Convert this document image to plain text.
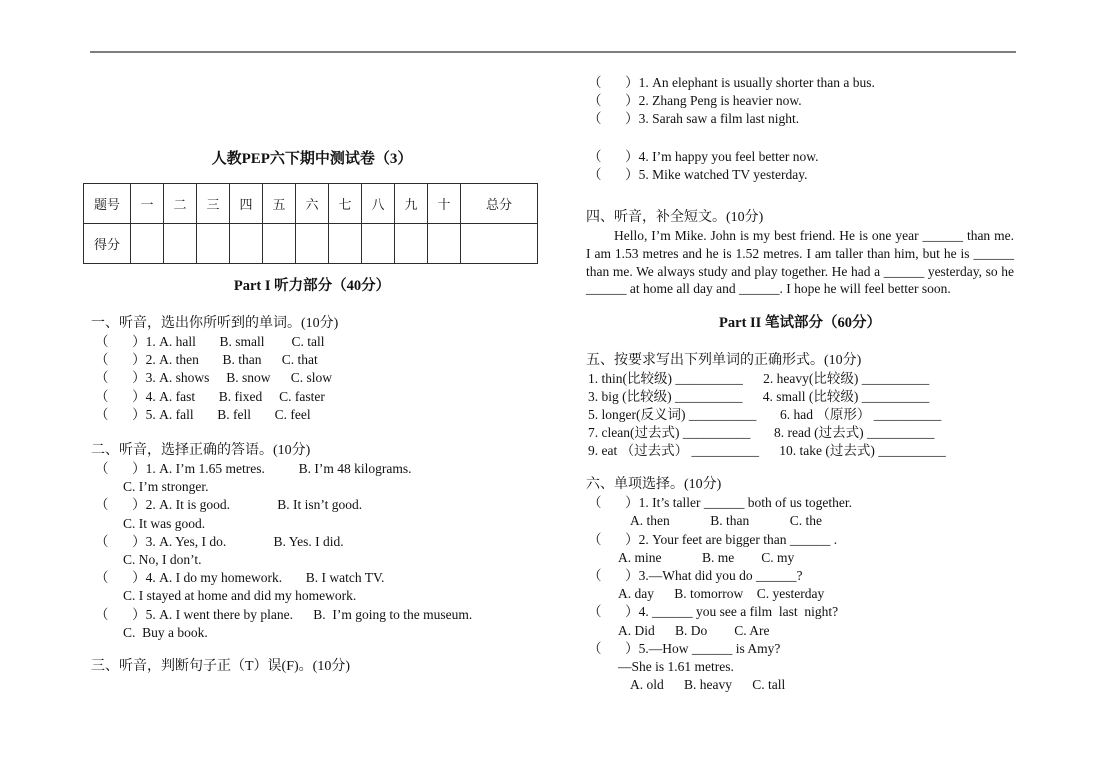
人教PEP六下期中测试卷（3）
题号	一	二	三	四	五	六	七	八	九	十	总分
得分											
Part I 听力部分（40分）
一、听音，选出你所听到的单词。(10分)
（       ）1. A. hall       B. small        C. tall
（       ）2. A. then       B. than      C. that
（       ）3. A. shows     B. snow      C. slow
（       ）4. A. fast       B. fixed     C. faster
（       ）5. A. fall       B. fell       C. feel
二、听音，选择正确的答语。(10分)
（       ）1. A. I’m 1.65 metres.          B. I’m 48 kilograms.
C. I’m stronger.
（       ）2. A. It is good.              B. It isn’t good.
C. It was good.
（       ）3. A. Yes, I do.              B. Yes. I did.
C. No, I don’t.
（       ）4. A. I do my homework.       B. I watch TV.
C. I stayed at home and did my homework.
（       ）5. A. I went there by plane.      B.  I’m going to the museum.
C.  Buy a book.
三、听音，判断句子正（T）误(F)。(10分)
（       ）1. An elephant is usually shorter than a bus.
（       ）2. Zhang Peng is heavier now.
（       ）3. Sarah saw a film last night.
（       ）4. I’m happy you feel better now.
（       ）5. Mike watched TV yesterday.
四、听音，补全短文。(10分)

Hello, I’m Mike. John is my best friend. He is one year ______ than me. I am 1.53 metres and he is 1.52 metres. I am taller than him, but he is ______ than me. We always study and play together. He had a ______ yesterday, so he ______ at home all day and ______. I hope he will feel better soon.

Part II 笔试部分（60分）
五、按要求写出下列单词的正确形式。(10分)
1. thin(比较级) __________      2. heavy(比较级) __________
3. big (比较级) __________      4. small (比较级) __________
5. longer(反义词) __________       6. had （原形） __________
7. clean(过去式) __________       8. read (过去式) __________
9. eat （过去式） __________      10. take (过去式) __________
六、单项选择。(10分)
（       ）1. It’s taller ______ both of us together.
A. then            B. than            C. the
（       ）2. Your feet are bigger than ______ .
A. mine            B. me        C. my
（       ）3.—What did you do ______?
A. day      B. tomorrow    C. yesterday
（       ）4. ______ you see a film  last  night?
A. Did      B. Do        C. Are
（       ）5.—How ______ is Amy?
—She is 1.61 metres.
A. old      B. heavy      C. tall
